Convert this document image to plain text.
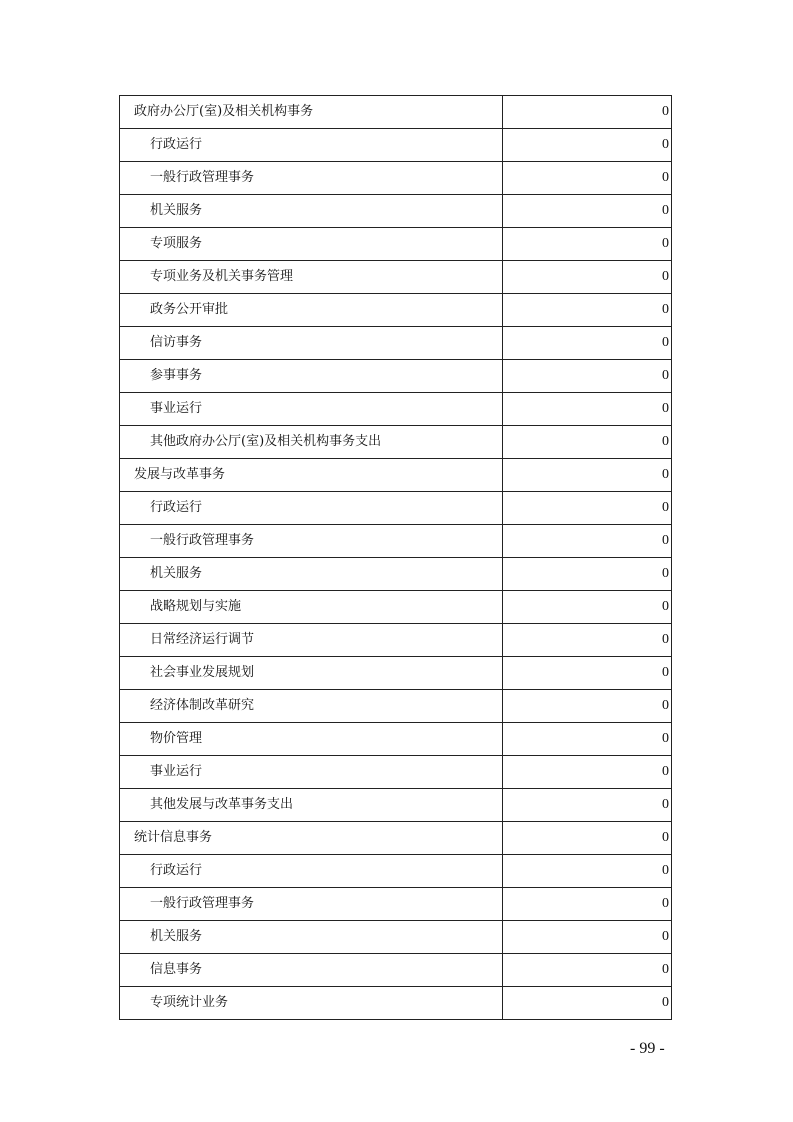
政府办公厅(室)及相关机构事务	0
行政运行	0
一般行政管理事务	0
机关服务	0
专项服务	0
专项业务及机关事务管理	0
政务公开审批	0
信访事务	0
参事事务	0
事业运行	0
其他政府办公厅(室)及相关机构事务支出	0
发展与改革事务	0
行政运行	0
一般行政管理事务	0
机关服务	0
战略规划与实施	0
日常经济运行调节	0
社会事业发展规划	0
经济体制改革研究	0
物价管理	0
事业运行	0
其他发展与改革事务支出	0
统计信息事务	0
行政运行	0
一般行政管理事务	0
机关服务	0
信息事务	0
专项统计业务	0
- 99 -
